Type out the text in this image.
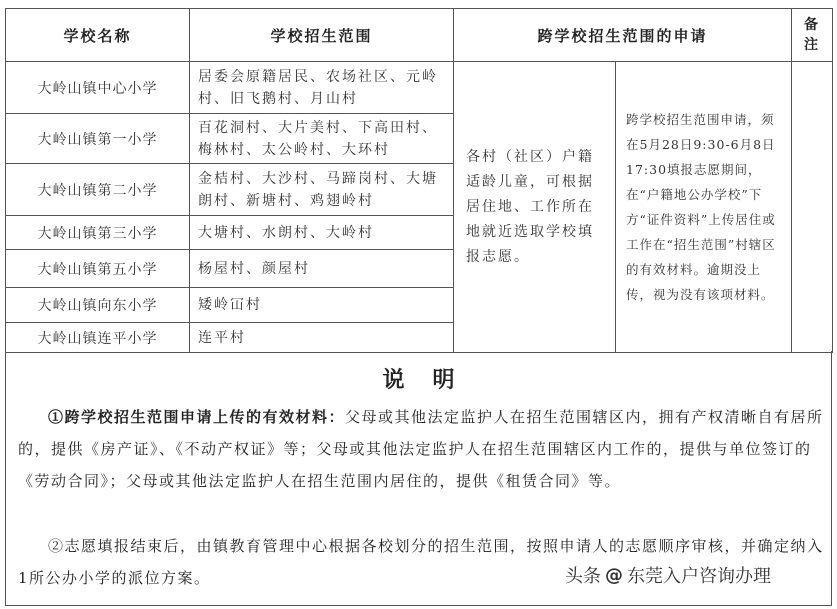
学校名称	学校招生范围	跨学校招生范围的申请		备注

大岭山镇中心小学	居委会原籍居民、农场社区、元岭村、旧飞鹅村、月山村	各村（社区）户籍适龄儿童，可根据居住地、工作所在地就近选取学校填报志愿。	跨学校招生范围申请，须在5月28日9:30-6月8日17:30填报志愿期间，在“户籍地公办学校”下方“证件资料”上传居住或工作在“招生范围”村辖区的有效材料。逾期没上传，视为没有该项材料。	
大岭山镇第一小学	百花洞村、大片美村、下高田村、梅林村、太公岭村、大环村			
大岭山镇第二小学	金桔村、大沙村、马蹄岗村、大塘朗村、新塘村、鸡翅岭村			
大岭山镇第三小学	大塘村、水朗村、大岭村			
大岭山镇第五小学	杨屋村、颜屋村			
大岭山镇向东小学	矮岭冚村			
大岭山镇连平小学	连平村			
说明
①跨学校招生范围申请上传的有效材料：父母或其他法定监护人在招生范围辖区内，拥有产权清晰自有居所的，提供《房产证》、《不动产权证》等；父母或其他法定监护人在招生范围辖区内工作的，提供与单位签订的《劳动合同》；父母或其他法定监护人在招生范围内居住的，提供《租赁合同》等。
②志愿填报结束后，由镇教育管理中心根据各校划分的招生范围，按照申请人的志愿顺序审核，并确定纳入1所公办小学的派位方案。	头条 @ 东莞入户咨询办理
